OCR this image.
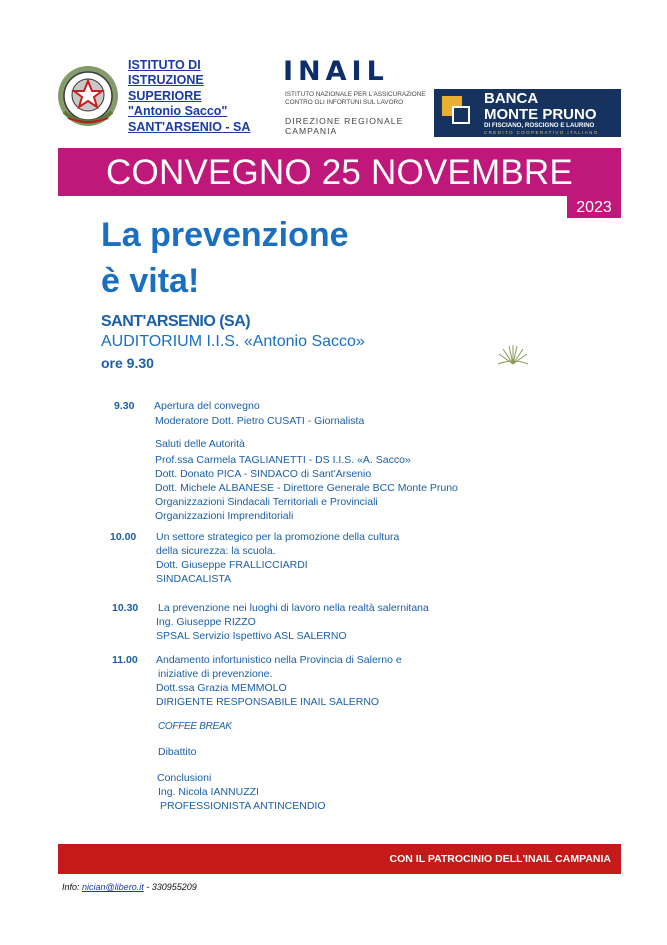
ISTITUTO DI
ISTRUZIONE
SUPERIORE
"Antonio Sacco"
SANT'ARSENIO - SA
INAIL
ISTITUTO NAZIONALE PER L'ASSICURAZIONE
CONTRO GLI INFORTUNI SUL LAVORO
DIREZIONE REGIONALE
CAMPANIA
BANCA
MONTE PRUNO
DI FISCIANO, ROSCIGNO E LAURINO
CREDITO COOPERATIVO ITALIANO
CONVEGNO 25 NOVEMBRE
2023
La prevenzione
è vita!
SANT'ARSENIO (SA)
AUDITORIUM I.I.S. «Antonio Sacco»
ore 9.30
9.30 Apertura del convegno
Moderatore Dott. Pietro CUSATI - Giornalista
Saluti delle Autorità
Prof.ssa Carmela TAGLIANETTI - DS I.I.S. «A. Sacco»
Dott. Donato PICA - SINDACO di Sant'Arsenio
Dott. Michele ALBANESE - Direttore Generale BCC Monte Pruno
Organizzazioni Sindacali Territoriali e Provinciali
Organizzazioni Imprenditoriali
10.00 Un settore strategico per la promozione della cultura
della sicurezza: la scuola.
Dott. Giuseppe FRALLICCIARDI
SINDACALISTA
10.30 La prevenzione nei luoghi di lavoro nella realtà salernitana
Ing. Giuseppe RIZZO
SPSAL Servizio Ispettivo ASL SALERNO
11.00 Andamento infortunistico nella Provincia di Salerno e
iniziative di prevenzione.
Dott.ssa Grazia MEMMOLO
DIRIGENTE RESPONSABILE INAIL SALERNO
COFFEE BREAK
Dibattito
Conclusioni
Ing. Nicola IANNUZZI
PROFESSIONISTA ANTINCENDIO
CON IL PATROCINIO DELL'INAIL CAMPANIA
Info: nician@libero.it - 330955209
